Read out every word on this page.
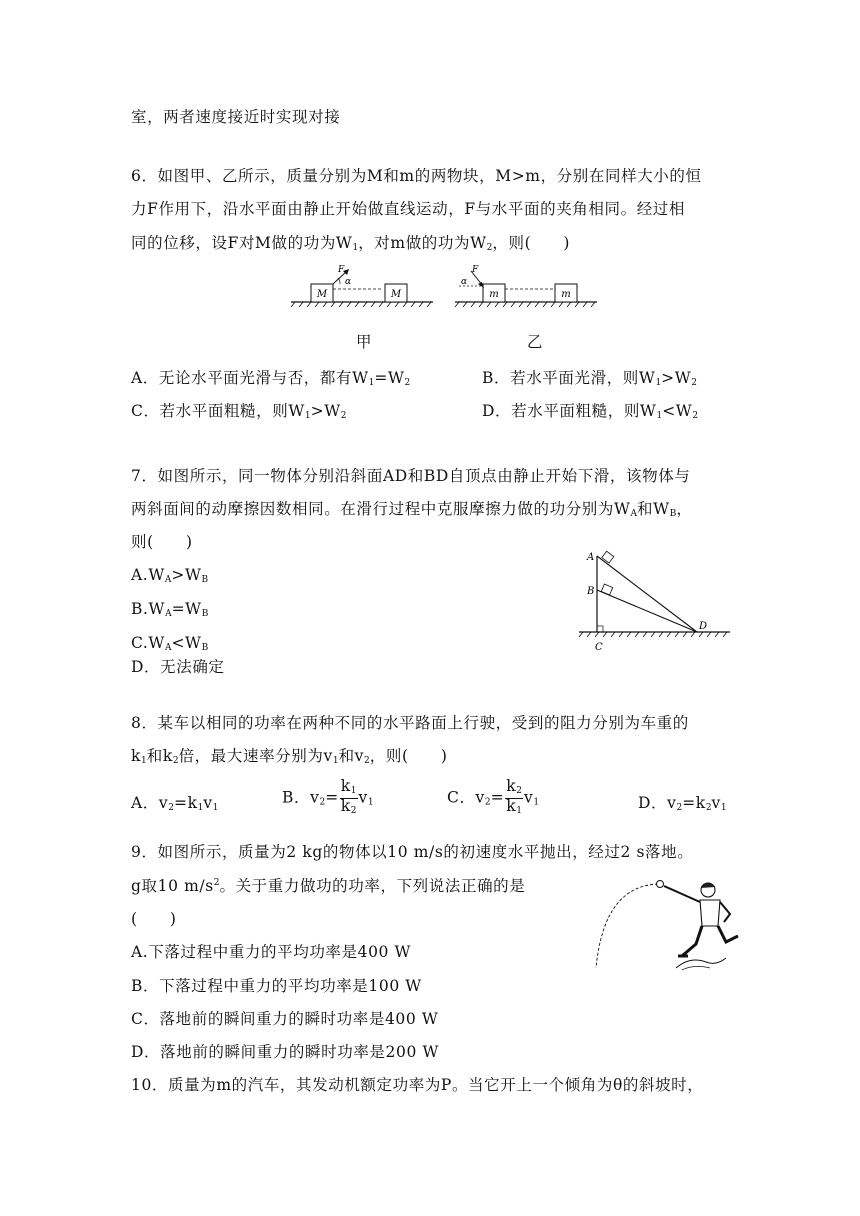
室，两者速度接近时实现对接
6．如图甲、乙所示，质量分别为M和m的两物块，M>m，分别在同样大小的恒
力F作用下，沿水平面由静止开始做直线运动，F与水平面的夹角相同。经过相
同的位移，设F对M做的功为$W_1$，对m做的功为$W_2$，则(　　)
M	M
F
α
m	m
F
α
甲	乙
A．无论水平面光滑与否，都有$W_1=W_2$	B．若水平面光滑，则$W_1>W_2$
C．若水平面粗糙，则$W_1>W_2$	D．若水平面粗糙，则$W_1<W_2$
7．如图所示，同一物体分别沿斜面AD和BD自顶点由静止开始下滑，该物体与
两斜面间的动摩擦因数相同。在滑行过程中克服摩擦力做的功分别为$W_A$和$W_B$，
则(　　)
$A.W_A>W_B$
$B.W_A=W_B$
$C.W_A<W_B$
D．无法确定
A
B
C
D
8．某车以相同的功率在两种不同的水平路面上行驶，受到的阻力分别为车重的
$k_1$和$k_2$倍，最大速率分别为$v_1$和$v_2$，则(　　)
A．$v_2=k_1v_1$
B．$v_2= \frac{k_1}{k_2} v_1$	C．$v_2= \frac{k_2}{k_1} v_1$	D．$v_2=k_2v_1$
9．如图所示，质量为2 kg的物体以10 m/s的初速度水平抛出，经过2 s落地。
g取10 $m/s^2$。关于重力做功的功率，下列说法正确的是
(　　)
A.下落过程中重力的平均功率是400 W
B．下落过程中重力的平均功率是100 W
C．落地前的瞬间重力的瞬时功率是400 W
D．落地前的瞬间重力的瞬时功率是200 W
10．质量为m的汽车，其发动机额定功率为P。当它开上一个倾角为θ的斜坡时，
